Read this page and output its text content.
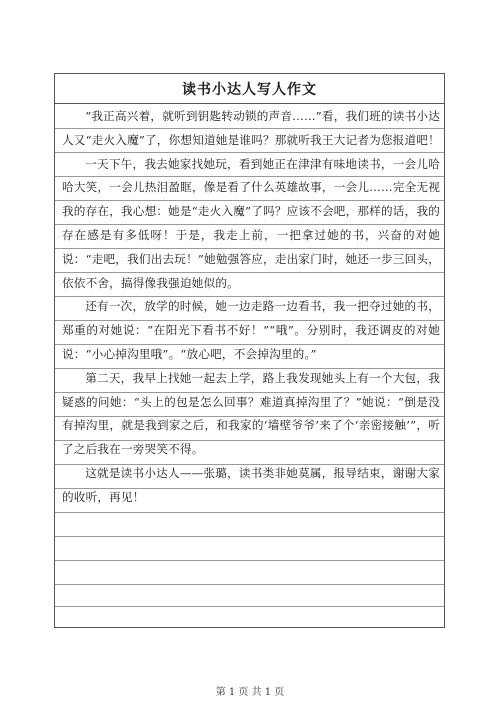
读书小达人写人作文

“我正高兴着，就听到钥匙转动锁的声音……”看，我们班的读书小达人又“走火入魔”了，你想知道她是谁吗？那就听我王大记者为您报道吧！

一天下午，我去她家找她玩，看到她正在津津有味地读书，一会儿哈哈大笑，一会儿热泪盈眶，像是看了什么英雄故事，一会儿……完全无视我的存在，我心想：她是“走火入魔”了吗？应该不会吧，那样的话，我的存在感是有多低呀！于是，我走上前，一把拿过她的书，兴奋的对她说：“走吧，我们出去玩！”她勉强答应，走出家门时，她还一步三回头，依依不舍，搞得像我强迫她似的。

还有一次，放学的时候，她一边走路一边看书，我一把夺过她的书，郑重的对她说：“在阳光下看书不好！”“哦”。分别时，我还调皮的对她说：“小心掉沟里哦”。“放心吧，不会掉沟里的。”

第二天，我早上找她一起去上学，路上我发现她头上有一个大包，我疑惑的问她：“头上的包是怎么回事？难道真掉沟里了？”她说：“倒是没有掉沟里，就是我到家之后，和我家的‘墙壁爷爷’来了个‘亲密接触’”，听了之后我在一旁哭笑不得。

这就是读书小达人——张璐，读书类非她莫属，报导结束，谢谢大家的收听，再见！

第 1 页 共 1 页
